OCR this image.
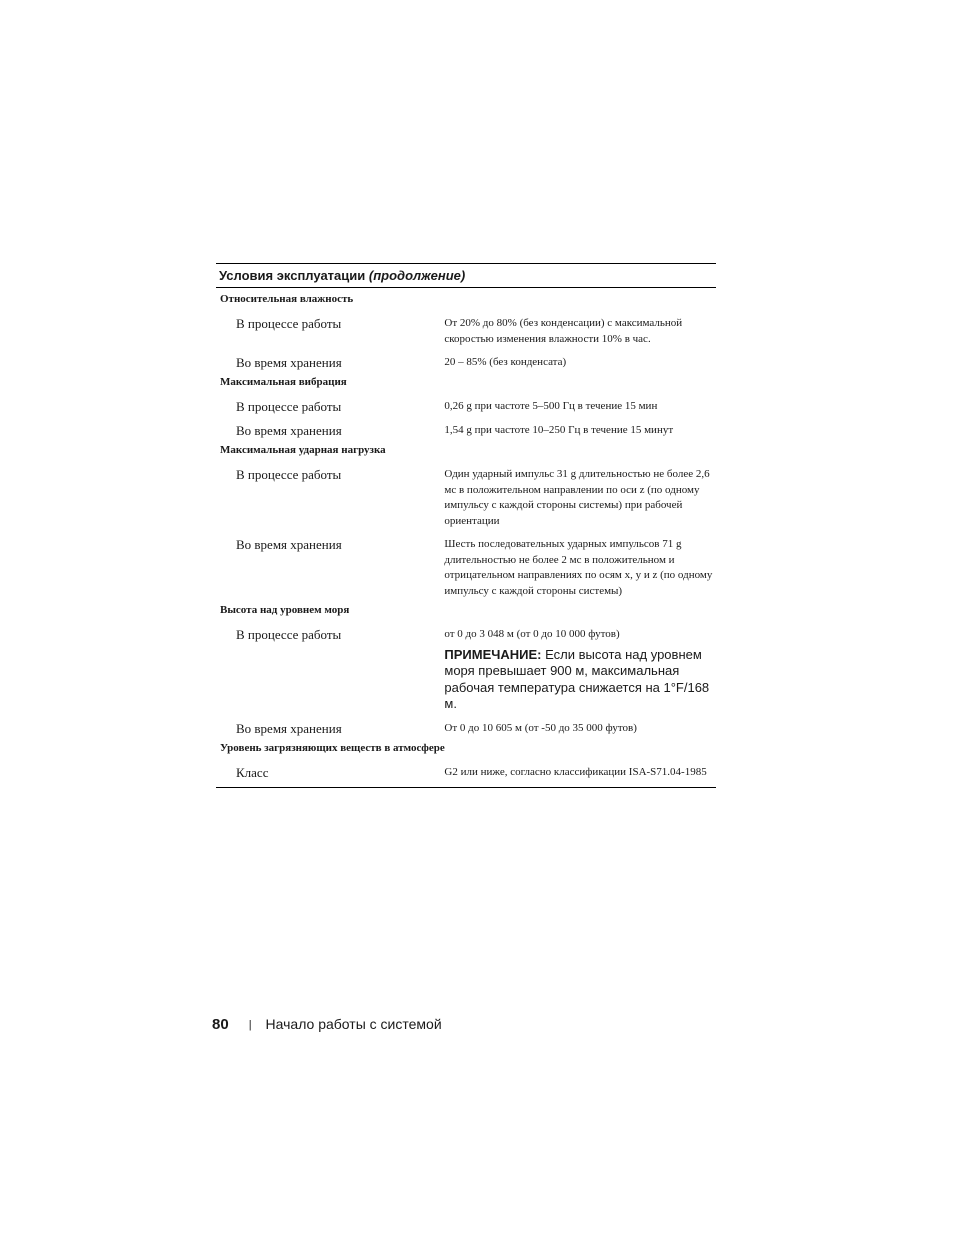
Условия эксплуатации (продолжение)
Относительная влажность
В процессе работы	От 20% до 80% (без конденсации) с максимальной скоростью изменения влажности 10% в час.
Во время хранения	20 – 85% (без конденсата)
Максимальная вибрация
В процессе работы	0,26 g при частоте 5–500 Гц в течение 15 мин
Во время хранения	1,54 g при частоте 10–250 Гц в течение 15 минут
Максимальная ударная нагрузка
В процессе работы	Один ударный импульс 31 g длительностью не более 2,6 мс в положительном направлении по оси z (по одному импульсу с каждой стороны системы) при рабочей ориентации
Во время хранения	Шесть последовательных ударных импульсов 71 g длительностью не более 2 мс в положительном и отрицательном направлениях по осям x, y и z (по одному импульсу с каждой стороны системы)
Высота над уровнем моря
В процессе работы	от 0 до 3 048 м (от 0 до 10 000 футов)
ПРИМЕЧАНИЕ: Если высота над уровнем моря превышает 900 м, максимальная рабочая температура снижается на 1°F/168 м.
Во время хранения	От 0 до 10 605 м (от -50 до 35 000 футов)
Уровень загрязняющих веществ в атмосфере
Класс	G2 или ниже, согласно классификации ISA-S71.04-1985
80 | Начало работы с системой
